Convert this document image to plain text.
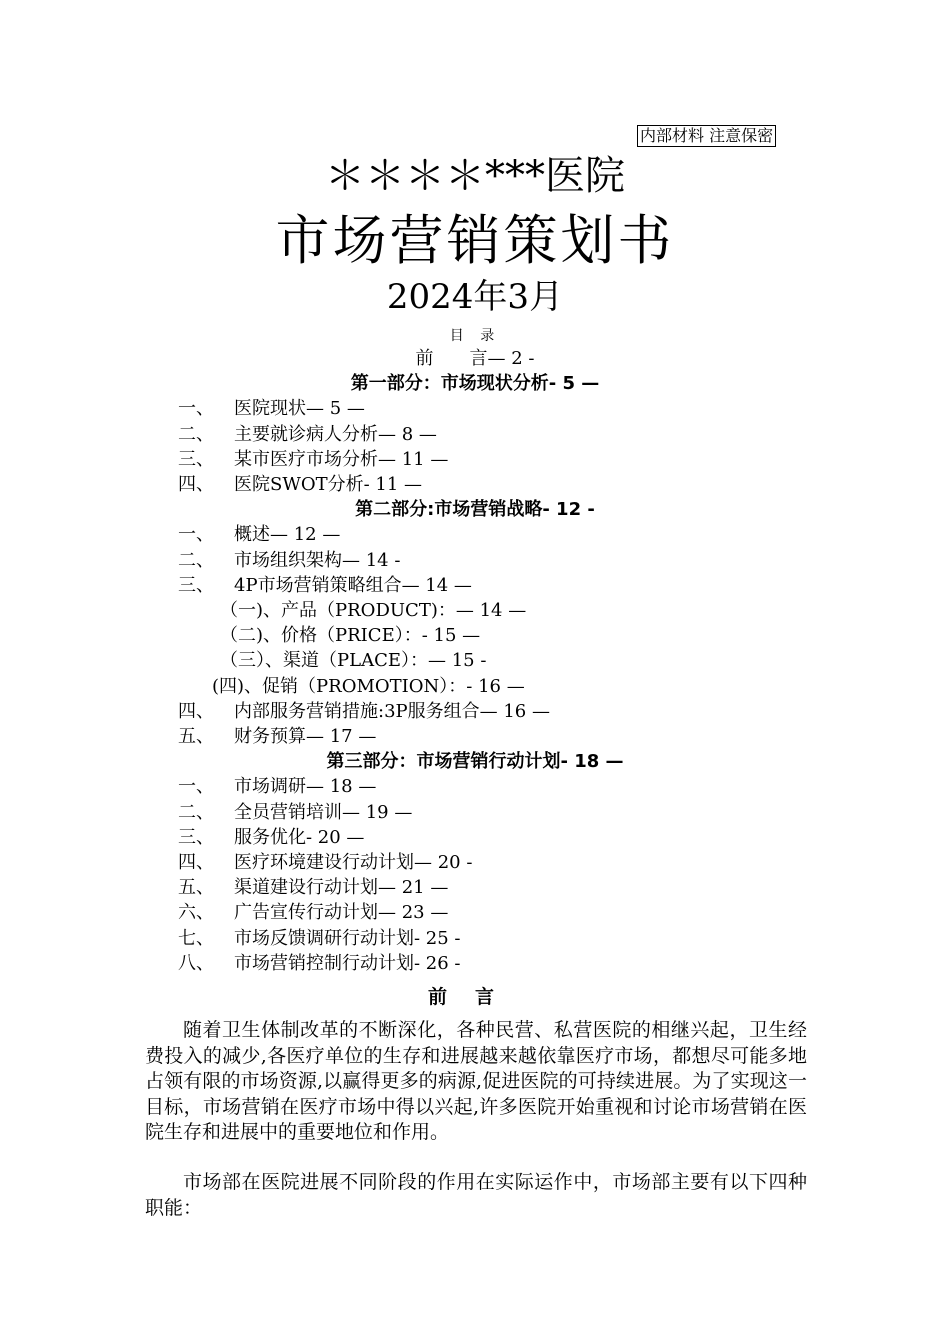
内部材料 注意保密
＊＊＊＊***医院
市场营销策划书
2024年3月
目 录
前　　言— 2 -
第一部分：市场现状分析- 5 —
一、 医院现状— 5 —
二、 主要就诊病人分析— 8 —
三、 某市医疗市场分析— 11 —
四、 医院SWOT分析- 11 —
第二部分:市场营销战略- 12 -
一、 概述— 12 —
二、 市场组织架构— 14 -
三、 4P市场营销策略组合— 14 —
（一)、产品（PRODUCT)：— 14 —
（二)、价格（PRICE）：- 15 —
（三）、渠道（PLACE）：— 15 -
(四)、促销（PROMOTION）：- 16 —
四、 内部服务营销措施:3P服务组合— 16 —
五、 财务预算— 17 —
第三部分：市场营销行动计划- 18 —
一、 市场调研— 18 —
二、 全员营销培训— 19 —
三、 服务优化- 20 —
四、 医疗环境建设行动计划— 20 -
五、 渠道建设行动计划— 21 —
六、 广告宣传行动计划— 23 —
七、 市场反馈调研行动计划- 25 -
八、 市场营销控制行动计划- 26 -
前言

随着卫生体制改革的不断深化，各种民营、私营医院的相继兴起，卫生经费投入的减少,各医疗单位的生存和进展越来越依靠医疗市场，都想尽可能多地占领有限的市场资源,以赢得更多的病源,促进医院的可持续进展。为了实现这一目标，市场营销在医疗市场中得以兴起,许多医院开始重视和讨论市场营销在医院生存和进展中的重要地位和作用。

市场部在医院进展不同阶段的作用在实际运作中，市场部主要有以下四种职能：
